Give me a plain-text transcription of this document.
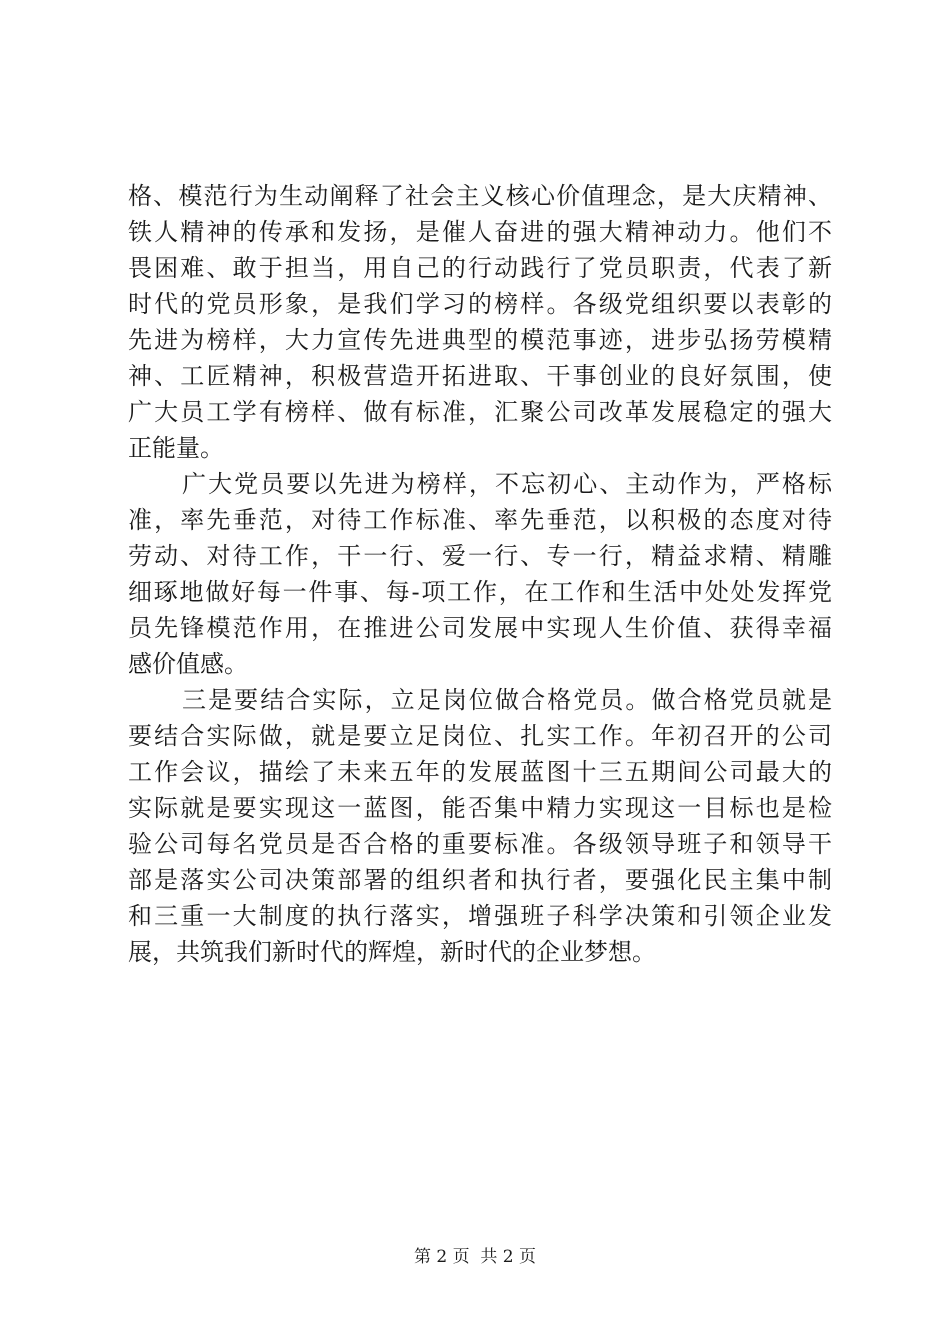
格、模范行为生动阐释了社会主义核心价值理念，是大庆精神、
铁人精神的传承和发扬，是催人奋进的强大精神动力。他们不
畏困难、敢于担当，用自己的行动践行了党员职责，代表了新
时代的党员形象，是我们学习的榜样。各级党组织要以表彰的
先进为榜样，大力宣传先进典型的模范事迹，进步弘扬劳模精
神、工匠精神，积极营造开拓进取、干事创业的良好氛围，使
广大员工学有榜样、做有标准，汇聚公司改革发展稳定的强大
正能量。
广大党员要以先进为榜样，不忘初心、主动作为，严格标
准，率先垂范，对待工作标准、率先垂范，以积极的态度对待
劳动、对待工作，干一行、爱一行、专一行，精益求精、精雕
细琢地做好每一件事、每-项工作，在工作和生活中处处发挥党
员先锋模范作用，在推进公司发展中实现人生价值、获得幸福
感价值感。
三是要结合实际，立足岗位做合格党员。做合格党员就是
要结合实际做，就是要立足岗位、扎实工作。年初召开的公司
工作会议，描绘了未来五年的发展蓝图十三五期间公司最大的
实际就是要实现这一蓝图，能否集中精力实现这一目标也是检
验公司每名党员是否合格的重要标准。各级领导班子和领导干
部是落实公司决策部署的组织者和执行者，要强化民主集中制
和三重一大制度的执行落实，增强班子科学决策和引领企业发
展，共筑我们新时代的辉煌，新时代的企业梦想。
第 2 页  共 2 页
